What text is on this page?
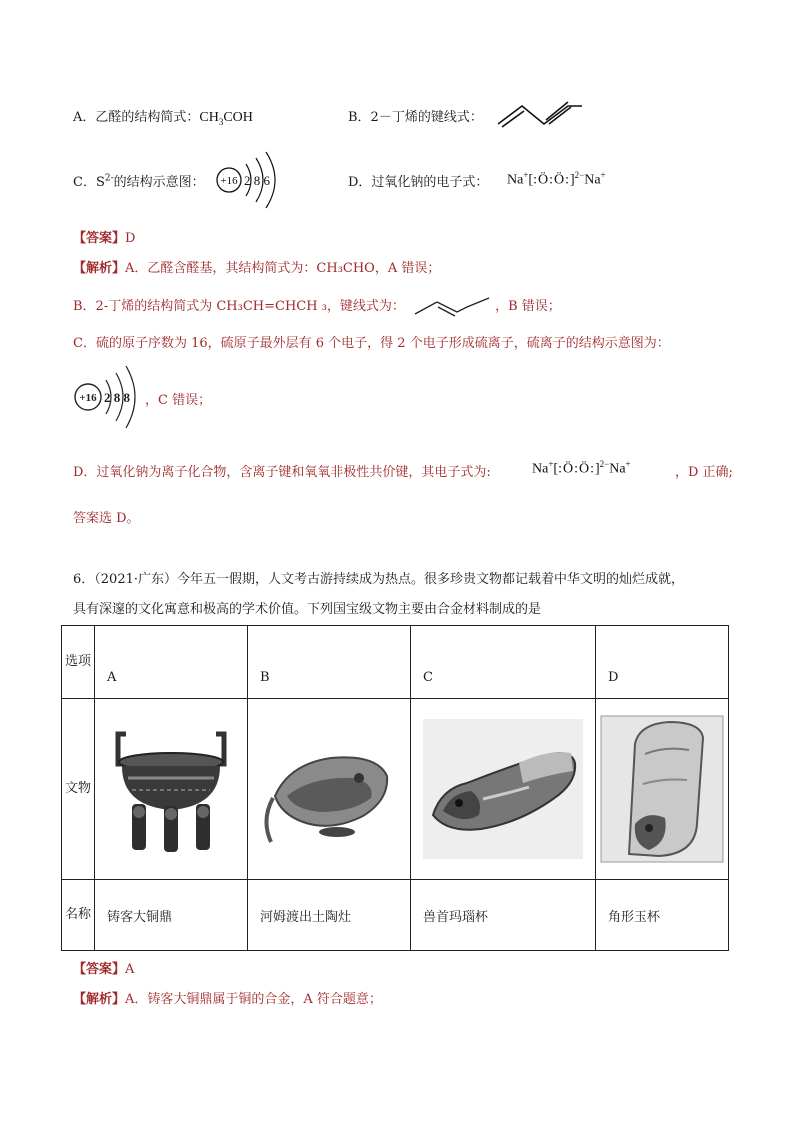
A．乙醛的结构简式：$CH_3COH$	B．2－丁烯的键线式：
C．$S^{2-}$的结构示意图： +16 2 8 6	D．过氧化钠的电子式： Na+[:Ö:Ö:]$^{2-}$Na+
【答案】D
【解析】A．乙醛含醛基，其结构简式为：CH₃CHO，A 错误；
B．2-丁烯的结构简式为 CH₃CH=CHCH ₃，键线式为：	，B 错误；
C．硫的原子序数为 16，硫原子最外层有 6 个电子，得 2 个电子形成硫离子，硫离子的结构示意图为：
+16 2 8 8 ，C 错误；
D．过氧化钠为离子化合物，含离子键和氧氧非极性共价键，其电子式为:	Na+[:Ö:Ö:]$^{2-}$Na+
，D 正确;
答案选 D。
6．（2021·广东）今年五一假期，人文考古游持续成为热点。很多珍贵文物都记载着中华文明的灿烂成就，
具有深邃的文化寓意和极高的学术价值。下列国宝级文物主要由合金材料制成的是
选项	A	B	C	D
文物	

名称	铸客大铜鼎	河姆渡出土陶灶	兽首玛瑙杯	角形玉杯
【答案】A
【解析】A．铸客大铜鼎属于铜的合金，A 符合题意；
